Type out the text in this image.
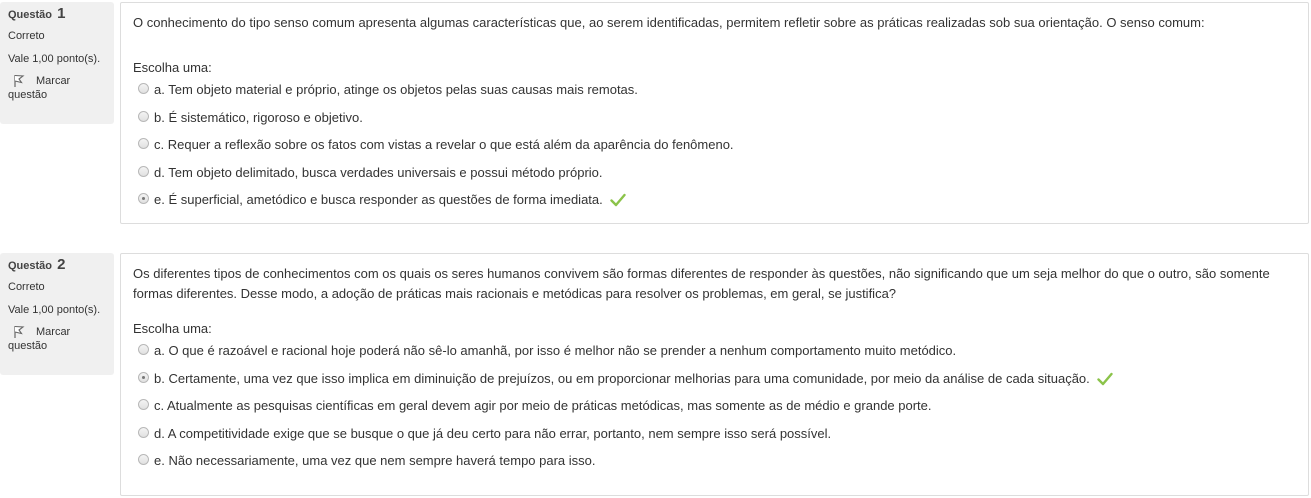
Questão 1
Correto
Vale 1,00 ponto(s).
Marcar
questão

O conhecimento do tipo senso comum apresenta algumas características que, ao serem identificadas, permitem refletir sobre as práticas realizadas sob sua orientação. O senso comum:

Escolha uma:
a. Tem objeto material e próprio, atinge os objetos pelas suas causas mais remotas.
b. É sistemático, rigoroso e objetivo.
c. Requer a reflexão sobre os fatos com vistas a revelar o que está além da aparência do fenômeno.
d. Tem objeto delimitado, busca verdades universais e possui método próprio.
e. É superficial, ametódico e busca responder as questões de forma imediata.
Questão 2
Correto
Vale 1,00 ponto(s).
Marcar
questão

Os diferentes tipos de conhecimentos com os quais os seres humanos convivem são formas diferentes de responder às questões, não significando que um seja melhor do que o outro, são somente formas diferentes. Desse modo, a adoção de práticas mais racionais e metódicas para resolver os problemas, em geral, se justifica?

Escolha uma:
a. O que é razoável e racional hoje poderá não sê-lo amanhã, por isso é melhor não se prender a nenhum comportamento muito metódico.
b. Certamente, uma vez que isso implica em diminuição de prejuízos, ou em proporcionar melhorias para uma comunidade, por meio da análise de cada situação.
c. Atualmente as pesquisas científicas em geral devem agir por meio de práticas metódicas, mas somente as de médio e grande porte.
d. A competitividade exige que se busque o que já deu certo para não errar, portanto, nem sempre isso será possível.
e. Não necessariamente, uma vez que nem sempre haverá tempo para isso.
